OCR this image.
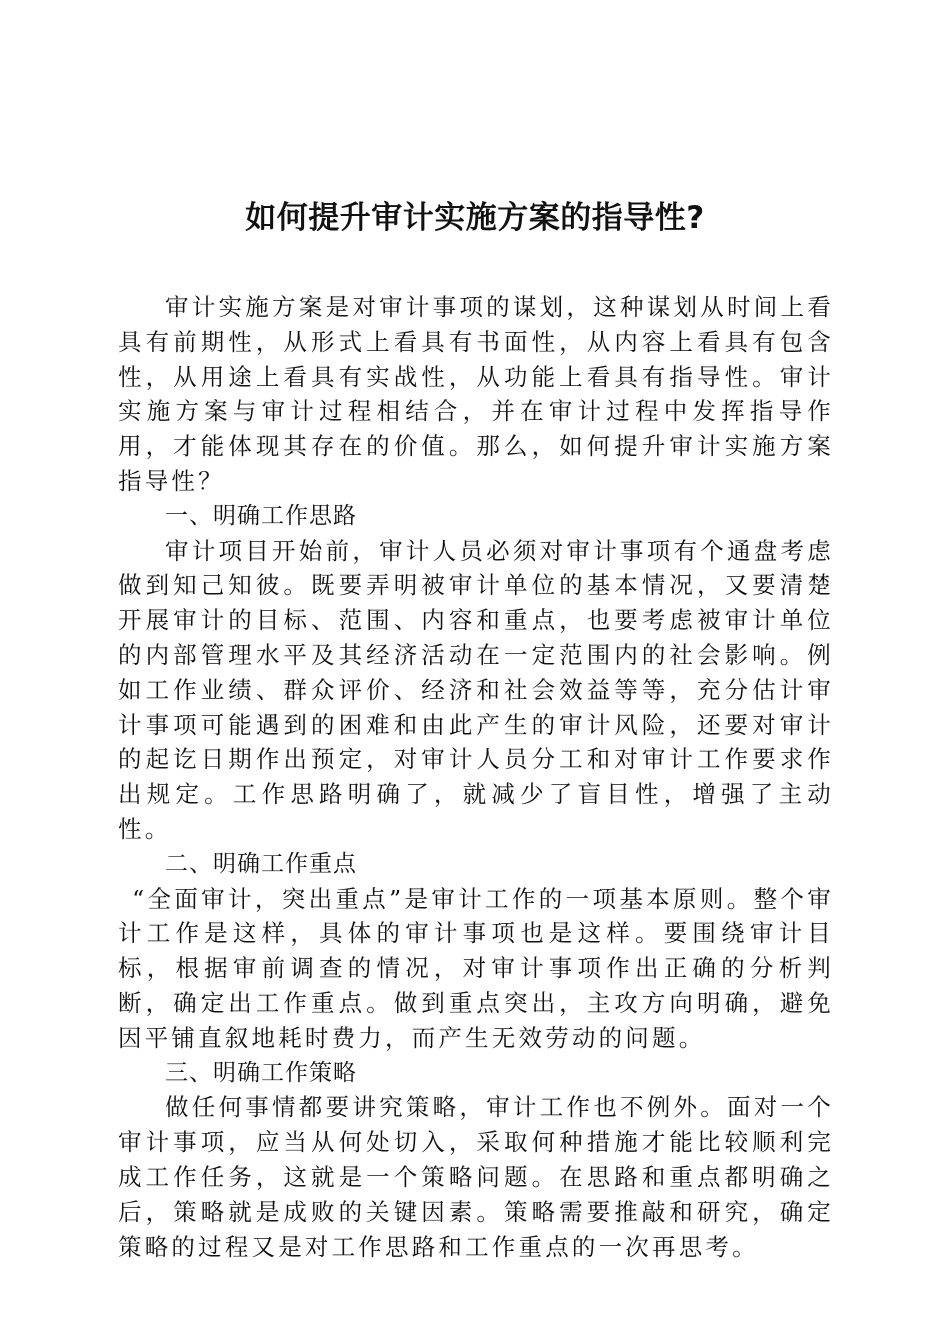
如何提升审计实施方案的指导性?

审计实施方案是对审计事项的谋划，这种谋划从时间上看具有前期性，从形式上看具有书面性，从内容上看具有包含性，从用途上看具有实战性，从功能上看具有指导性。审计实施方案与审计过程相结合，并在审计过程中发挥指导作用，才能体现其存在的价值。那么，如何提升审计实施方案指导性？

一、明确工作思路

审计项目开始前，审计人员必须对审计事项有个通盘考虑做到知己知彼。既要弄明被审计单位的基本情况，又要清楚开展审计的目标、范围、内容和重点，也要考虑被审计单位的内部管理水平及其经济活动在一定范围内的社会影响。例如工作业绩、群众评价、经济和社会效益等等，充分估计审计事项可能遇到的困难和由此产生的审计风险，还要对审计的起讫日期作出预定，对审计人员分工和对审计工作要求作出规定。工作思路明确了，就减少了盲目性，增强了主动性。

二、明确工作重点

“全面审计，突出重点”是审计工作的一项基本原则。整个审计工作是这样，具体的审计事项也是这样。要围绕审计目标，根据审前调查的情况，对审计事项作出正确的分析判断，确定出工作重点。做到重点突出，主攻方向明确，避免因平铺直叙地耗时费力，而产生无效劳动的问题。

三、明确工作策略

做任何事情都要讲究策略，审计工作也不例外。面对一个审计事项，应当从何处切入，采取何种措施才能比较顺利完成工作任务，这就是一个策略问题。在思路和重点都明确之后，策略就是成败的关键因素。策略需要推敲和研究，确定策略的过程又是对工作思路和工作重点的一次再思考。
